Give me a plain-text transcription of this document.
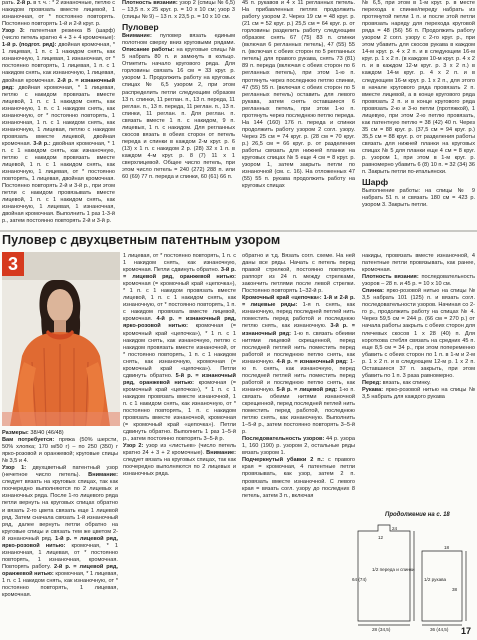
рать. 2-й р. в т. ч. : * 2 изнаночные, петлю с накидом провязать вместе лицевой, 1 изнаночная, от * постоянно повторять. Постоянно повторять 1-й и 2-й круг. р.

Узор 3: патентная резинка В (шарф) (число петель кратно 4 + 3 + 4 кромочные): 1-й р. (подгот. ряд): двойная кромочная, * 1 лицевая, 1 п. с 1 накидом снять, как изнаночную, 1 лицевая, 1 изнаночная, от * постоянно повторять, 1 лицевая, 1 п. с 1 накидом снять, как изнаночную, 1 лицевая, двойная кромочная. 2-й р. = изнаночный ряд: двойная кромочная, * 1 лицевая, петлю с накидом провязать вместе лицевой, 1 п. с 1 накидом снять, как изнаночную, 1 п. с 1 накидом снять, как изнаночную, от * постоянно повторять, 1 изнаночная, 1 п. с 1 накидом снять, как изнаночную, 1 лицевая, петлю с накидом провязать вместе лицевой, двойная кромочная. 3-й р.: двойная кромочная, * 1 п. с 1 накидом снять, как изнаночную, петлю с накидом провязать вместе лицевой, 1 п. с 1 накидом снять, как изнаночную, 1 лицевая, от * постоянно повторять, 1 лицевая, двойная кромочная. Постоянно повторять 2-й и 3-й р., при этом петли с накидом провязывать вместе лицевой, 1 п. с 1 накидом снять, как изнаночную, 1 лицевая, 1 изнаночная, двойная кромочная. Выполнить 1 раз 1-3-й р., затем постоянно повторять 2-й и 3-й р.

Плотность вязания: узор 2 (спицы № 6,5) – 13,5 п. х 25 круг. р. = 10 х 10 см; узор 3 (спицы № 9) – 13 п. х 23,5 р. = 10 х 10 см.

Пуловер

Внимание: пуловер вязать единым полотном сверху вниз круговыми рядами. Описание работы: на круговые спицы № 5 набрать 80 п. и замкнуть в кольцо. Отметить начало кругового ряда. Для горловины связать 16 см = 33 круг. р. узором 1. Продолжить работу на круговых спицах № 6,5 узором 2, при этом распределить петли следующим образом 13 п. спинки, 11 реглан. п., 13 п. переда, 11 реглан. п., 13 п. переда, 11 реглан. п., 13 п. спинки, 11 реглан. п. Для реглан. п. связать вместе 1 п. с накидом, 9 п. лицевых, 1 п. с накидом. Для регланных скосов вязать в обеих сторон от петель переда и спинки в каждом 2-м круг. р. 6 (13) х 1 п. с накидом 2 р. (28) 32 х 1 п. в каждом 4-м круг. р. 8 (7) 11 х 1 сверхлицевой. Общее число петель, при этом число петель = 240 (272) 288 п. или 60 (69) 77 п. переда и спинки, 60 (61) 66 п.

45 п. рукавов и 4 х 11 регланных петель. На прибавленных петлях продолжить работу узором 2. Через 19 см = 48 круг. р. (21 см = 52 круг. р.) 25,5 см = 64 круг. р. от горловины разделить работу следующим образом: снять 67 (75) 83 п. спинки (включая 6 регланных петель), 47 (55) 55 п. (включая с обеих сторон по 5 регланных петель) для правого рукава, снять 73 (81) 89 п. переда (включая с обеих сторон по 6 регланных петель), при этом 1-ю п. протянуть через последнюю петлю спинки, 47 (55) 55 п. (включая с обеих сторон по 5 регланных петель) оставить для левого рукава, затем снять оставшиеся 6 регланных петель, при этом 1-ю п. протянуть через последнюю петлю переда. На 144 (160) 176 п. переда и спинки продолжить работу узором 2 согл. узору. Через 25 см = 74 круг. р. (28 см = 70 круг. р.) 26,5 см = 66 круг. р. от разделения работы связать для нижней планки на круговых спицах № 5 еще 4 см = 8 круг. р. узором 1, затем закрыть петли по изнаночной (см. с. 16). На отложенных 47 (55) 55 п. рукава продолжить работу на круговых спицах

№ 6,5, при этом в 1-м круг. р. в месте перехода к спинке/переду набрать из протянутой петли 1 п. и после этой петли провязать наряду для перехода круговой ряда = 48 (56) 56 п. Продолжить работу узором 2 согл. узору с 2-го круг. р., при этом убавить для скосов рукава в каждом 14-м круг. р. 4 х 2 п. и в следующем 16-м круг. р. 1 х 2 п. (в каждом 10-м круг. р. 4 х 2 п. и в каждом 12-м круг. р. 3 х 2 п.) в каждом 14-м круг. р. 4 х 2 п. и в следующем 16-м круг. р. 1 х 2 п., для этого в начале кругового ряда провязать 2 п. вместе лицевой, а в конце кругового ряда провязать 2 п. и в конце кругового ряда провязать 2-ю и 3-ю петли (протяжкой), 1 лицевую, при этом 2-ю петлю провязать, как патентную петлю = 38 (42) 40 п. Через 35 см = 88 круг. р. (37,5 см = 94 круг. р.) 35,5 см = 88 круг. р. от разделения работы связать для нижней планки на круговых спицах № 5 для планки еще 4 см = 8 круг. р. узором 1, при этом в 1-м круг. р. равномерно убавить 6 (8) 10 п. = 32 (34) 36 п. Закрыть петли по-итальянски.

Шарф

Выполнение работы: на спицы № 9 набрать 51 п. и связать 180 см = 423 р. узором 3. Закрыть петли.

Пуловер с двухцветным патентным узором
3

Размеры: 38/40 (46/48)

Вам потребуется: пряжа (50% шерсти, 50% хлопка; 170 м/50 г) – по 250 (350) г ярко-розовой и оранжевой; круговые спицы № 3,5 и 4.

Узор 1: двухцветный патентный узор (нечетное число петель). Внимание: следует вязать на круговых спицах, так как поочередно выполняются по 2 лицевых и изнаночных ряда. После 1-го лицевого ряда петли вернуть на круговых спицах обратно и вязать 2-го цвета связать еще 1 лицевой ряд. Затем сначала связать 1-й изнаночный ряд, далее вернуть петли обратно на круговые спицы и связать тем же цветом 2-й изнаночный ряд. 1-й р. = лицевой ряд, ярко-розовой нитью: кромочная, * 1 изнаночная, 1 лицевая, от * постоянно повторять, 1 изнаночная, кромочная. Повторять работу. 2-й р. = лицевой ряд, оранжевой нитью: кромочная, * 1 лицевая, 1 п. с 1 накидом снять, как изнаночную, от * постоянно повторять, 1 лицевая, кромочная.

1 лицевая, от * постоянно повторять, 1 п. с 1 накидом снять, как изнаночную, кромочная. Петли сдвинуть обратно. 3-й р. = лицевой ряд, оранжевой нитью: кромочная (= кромочный край «цепочка»), * 1 п. с 1 накидом провязать вместе лицевой, 1 п. с 1 накидом снять, как изнаночную, от * постоянно повторять, 1 п. с накидом провязать вместе лицевой, кромочная. 4-й р. = изнаночный ряд, ярко-розовой нитью: кромочная (= кромочный край «цепочка»), * 1 п. с 1 накидом снять, как изнаночную, петлю с накидом провязать вместе изнаночной, от * постоянно повторять, 1 п. с 1 накидом снять, как изнаночную, кромочная (= кромочный край «цепочка»). Петли сдвинуть обратно. 5-й р. = изнаночный ряд, оранжевой нитью: кромочная (= кромочный край «цепочка»), * 1 п. с 1 накидом провязать вместе изнаночной, 1 п. с 1 накидом снять, как изнаночную, от * постоянно повторять, 1 п. с накидом провязать вместе изнаночной, кромочная (= кромочный край «цепочка»). Петли сдвинуть обратно. Выполнить 1 раз 1–5-й р., затем постоянно повторять 3–5-й р.

Узор 2: узор из «листьев» (число петель кратно 24 + 3 + 2 кромочные). Внимание: следует вязать на круговых спицах, так как поочередно выполняются по 2 лицевых и изнаночных ряда.

обратно и т.д. Вязать согл. схеме. На ней даны все ряды. Начать с петель перед правой стрелкой, постоянно повторять раппорт из 24 п. между стрелками, закончить петлями после левой стрелки. Постоянно повторять 1–32-й р.

Кромочный край «цепочка»: 1-й и 2-й р. = лицевые ряды: 1-я п. снять, как изнаночную, перед последней петлей нить поместить перед работой и последнюю петлю снять, как изнаночную. 3-й р. = изнаночный ряд: 1-ю п. связать обеими нитями лицевой скрещенной, перед последней петлей нить поместить перед работой и последнюю петлю снять, как изнаночную. 4-й р. = изнаночный ряд: 1-ю п. снять, как изнаночную, перед последней петлей нить поместить перед работой и последнюю петлю снять, как изнаночную. 5-й р. = лицевой ряд: 1-ю п. связать обеими нитями изнаночной скрещенной, перед последней петлей нить поместить перед работой, последнюю петлю снять, как изнаночную. Выполнить 1–5-й р., затем постоянно повторять 3–5-й р.

Последовательность узоров: 44 р. узора 1, 160 (190) р. узором 2, остальные ряды вязать узором 1.

Подчеркнутый убавки 2 п.: с правого края = кромочная, 4 патентные петли провязывать, как узор, затем 2 п. провязать вместе изнаночной. С левого края = вязать согл. узору до последних 8 петель, затем 3 п., включая

накиды, провязать вместе изнаночной, 4 патентные петли провязывать, как ранее, кромочная.

Плотность вязания: последовательность узоров – 28 п. и 45 р. = 10 х 10 см.

Спинка: ярко-розовой нитью на спицы № 3,5 набрать 101 (125) п. и вязать согл. последовательности узоров. Начиная со 2-го р., продолжить работу на спицах № 4. Через 59,5 см = 244 р. (66 см = 270 р.) от начала работы закрыть с обеих сторон для плечевых скосов 1 х 28 (40) п. Для короткова стебля связать на средних 45 п. еще 8,5 см = 34 р., при этом попеременно убавить с обеих сторон по 1 п. в 1-м и 2-м р. 1 х 2 п. и в следующем 12-м р. 1 х 2 п. Оставшиеся 37 п. закрыть, при этом убавить по 1 п. 3 раза равномерно.

Перед: вязать, как спинку.

Рукава: ярко-розовой нитью на спицы № 3,5 набрать для каждого рукава

Продолжение на с. 18
1/2 переда и спинки
1/2 рукава
28 (34,5)	36 (44,5)
64 (74)
24
12
18
38
17
